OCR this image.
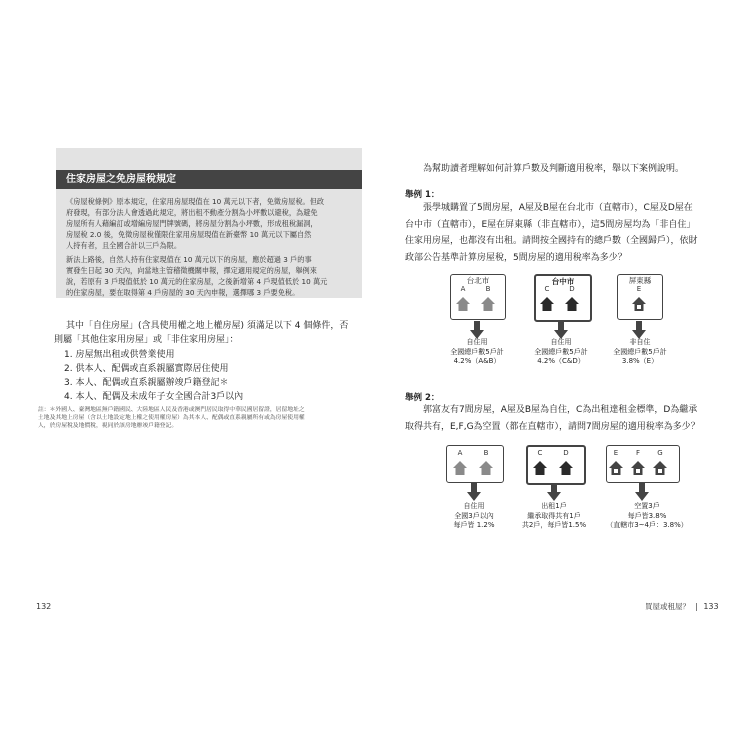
住家房屋之免房屋稅規定
《房屋稅條例》原本規定，住家用房屋現值在 10 萬元以下者，免徵房屋稅。但政
府發現，有部分法人會透過此規定，將出租不動產分割為小坪數以避稅，為避免
房屋所有人藉編訂或增編房屋門牌號碼，將房屋分割為小坪數，形成租稅漏洞，
房屋稅 2.0 後，免徵房屋稅僅限住家用房屋現值在新臺幣 10 萬元以下屬自然
人持有者，且全國合計以三戶為限。
新法上路後，自然人持有住家現值在 10 萬元以下的房屋，應於超過 3 戶的事
實發生日起 30 天內，向當地主管稽徵機關申報，擇定適用規定的房屋，舉例來
說，若原有 3 戶現值低於 10 萬元的住家房屋，之後新增第 4 戶現值低於 10 萬元
的住家房屋，要在取得第 4 戶房屋的 30 天內申報，選擇哪 3 戶要免稅。
其中「自住房屋」(含具使用權之地上權房屋) 須滿足以下 4 個條件，否
則屬「其他住家用房屋」或「非住家用房屋」：
1. 房屋無出租或供營業使用
2. 供本人、配偶或直系親屬實際居住使用
3. 本人、配偶或直系親屬辦竣戶籍登記＊
4. 本人、配偶及未成年子女全國合計3戶以內
註：＊外國人、臺灣地區無戶籍國民、大陸地區人民及香港或澳門居民取得中華民國居留證，居留地址之
土地及其地上房屋（含以土地設定地上權之使用權房屋）為其本人、配偶或直系親屬所有或為房屋使用權
人，於房屋稅及地價稅，視同於該房地辦竣戶籍登記。
132
為幫助讀者理解如何計算戶數及判斷適用稅率，舉以下案例說明。
舉例 1：
張學城購置了5間房屋，A屋及B屋在台北市（直轄市），C屋及D屋在
台中市（直轄市），E屋在屏東縣（非直轄市），這5間房屋均為「非自住」
住家用房屋，也都沒有出租。請問按全國持有的總戶數（全國歸戶），依財
政部公告基準計算房屋稅，5間房屋的適用稅率為多少？
台北市	台中市	屏東縣
A	B	C	D	E
自住用
全國總戶數5戶計
4.2%（A&B）
自住用
全國總戶數5戶計
4.2%（C&D）
非自住
全國總戶數5戶計
3.8%（E）
舉例 2：
郭富友有7間房屋，A屋及B屋為自住，C為出租達租金標準，D為繼承
取得共有，E,F,G為空置（都在直轄市），請問7間房屋的適用稅率為多少？
A	B	C	D	E	F	G
自住用
全國3戶以內
每戶皆 1.2%
出租1戶
繼承取得共有1戶
共2戶，每戶皆1.5%
空置3戶
每戶皆3.8%
（直轄市3~4戶：3.8%）
買屋或租屋？ | 133
